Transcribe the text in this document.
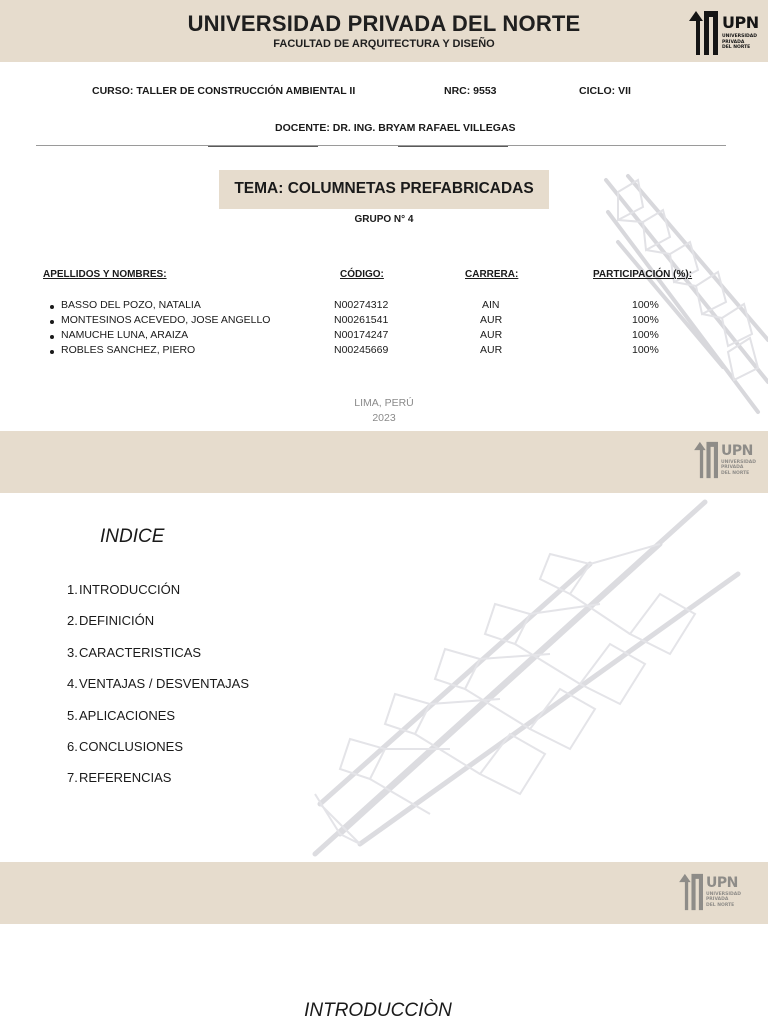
UNIVERSIDAD PRIVADA DEL NORTE
FACULTAD DE ARQUITECTURA Y DISEÑO
UPN
UNIVERSIDAD
PRIVADA
DEL NORTE
CURSO: TALLER DE CONSTRUCCIÓN AMBIENTAL II	NRC: 9553	CICLO: VII
DOCENTE: DR. ING. BRYAM RAFAEL VILLEGAS
TEMA: COLUMNETAS PREFABRICADAS
GRUPO N° 4
APELLIDOS Y NOMBRES:	CÓDIGO:	CARRERA:	PARTICIPACIÓN (%):
BASSO DEL POZO, NATALIA	N00274312	AIN	100%
MONTESINOS ACEVEDO, JOSE ANGELLO	N00261541	AUR	100%
NAMUCHE LUNA, ARAIZA	N00174247	AUR	100%
ROBLES SANCHEZ, PIERO	N00245669	AUR	100%
LIMA, PERÚ
2023
UPN
UNIVERSIDAD
PRIVADA
DEL NORTE
INDICE
1.INTRODUCCIÓN
2.DEFINICIÓN
3.CARACTERISTICAS
4.VENTAJAS / DESVENTAJAS
5.APLICACIONES
6.CONCLUSIONES
7.REFERENCIAS
UPN
UNIVERSIDAD
PRIVADA
DEL NORTE
INTRODUCCIÒN
